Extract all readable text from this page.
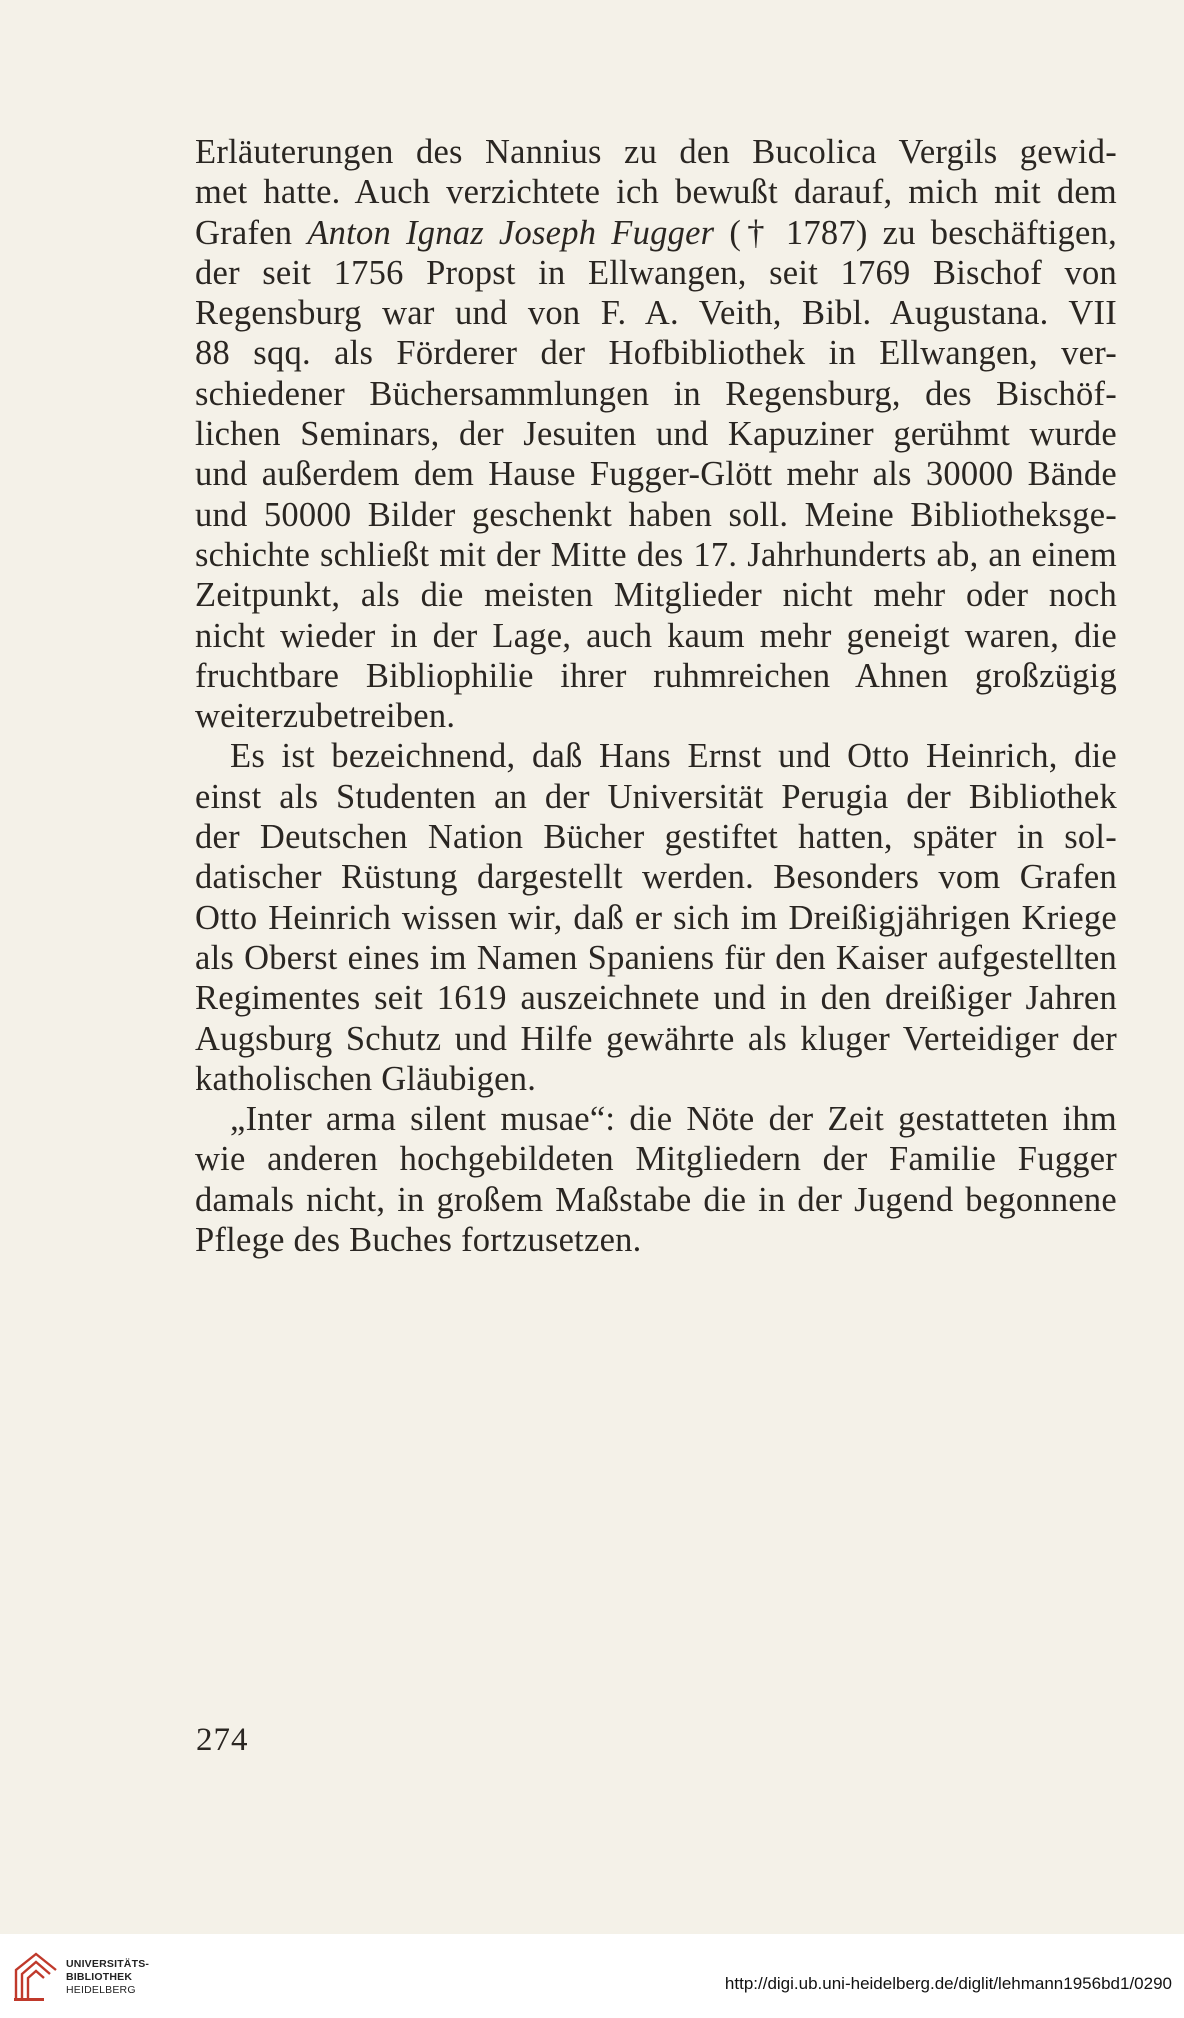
Erläuterungen des Nannius zu den Bucolica Vergils gewid-
met hatte. Auch verzichtete ich bewußt darauf, mich mit dem
Grafen Anton Ignaz Joseph Fugger († 1787) zu beschäftigen,
der seit 1756 Propst in Ellwangen, seit 1769 Bischof von
Regensburg war und von F. A. Veith, Bibl. Augustana. VII
88 sqq. als Förderer der Hofbibliothek in Ellwangen, ver-
schiedener Büchersammlungen in Regensburg, des Bischöf-
lichen Seminars, der Jesuiten und Kapuziner gerühmt wurde
und außerdem dem Hause Fugger-Glött mehr als 30000 Bände
und 50000 Bilder geschenkt haben soll. Meine Bibliotheksge-
schichte schließt mit der Mitte des 17. Jahrhunderts ab, an einem
Zeitpunkt, als die meisten Mitglieder nicht mehr oder noch
nicht wieder in der Lage, auch kaum mehr geneigt waren, die
fruchtbare Bibliophilie ihrer ruhmreichen Ahnen großzügig
weiterzubetreiben.
Es ist bezeichnend, daß Hans Ernst und Otto Heinrich, die
einst als Studenten an der Universität Perugia der Bibliothek
der Deutschen Nation Bücher gestiftet hatten, später in sol-
datischer Rüstung dargestellt werden. Besonders vom Grafen
Otto Heinrich wissen wir, daß er sich im Dreißigjährigen Kriege
als Oberst eines im Namen Spaniens für den Kaiser aufgestellten
Regimentes seit 1619 auszeichnete und in den dreißiger Jahren
Augsburg Schutz und Hilfe gewährte als kluger Verteidiger der
katholischen Gläubigen.
„Inter arma silent musae“: die Nöte der Zeit gestatteten ihm
wie anderen hochgebildeten Mitgliedern der Familie Fugger
damals nicht, in großem Maßstabe die in der Jugend begonnene
Pflege des Buches fortzusetzen.
274
UNIVERSITÄTS-
BIBLIOTHEK
HEIDELBERG	http://digi.ub.uni-heidelberg.de/diglit/lehmann1956bd1/0290
